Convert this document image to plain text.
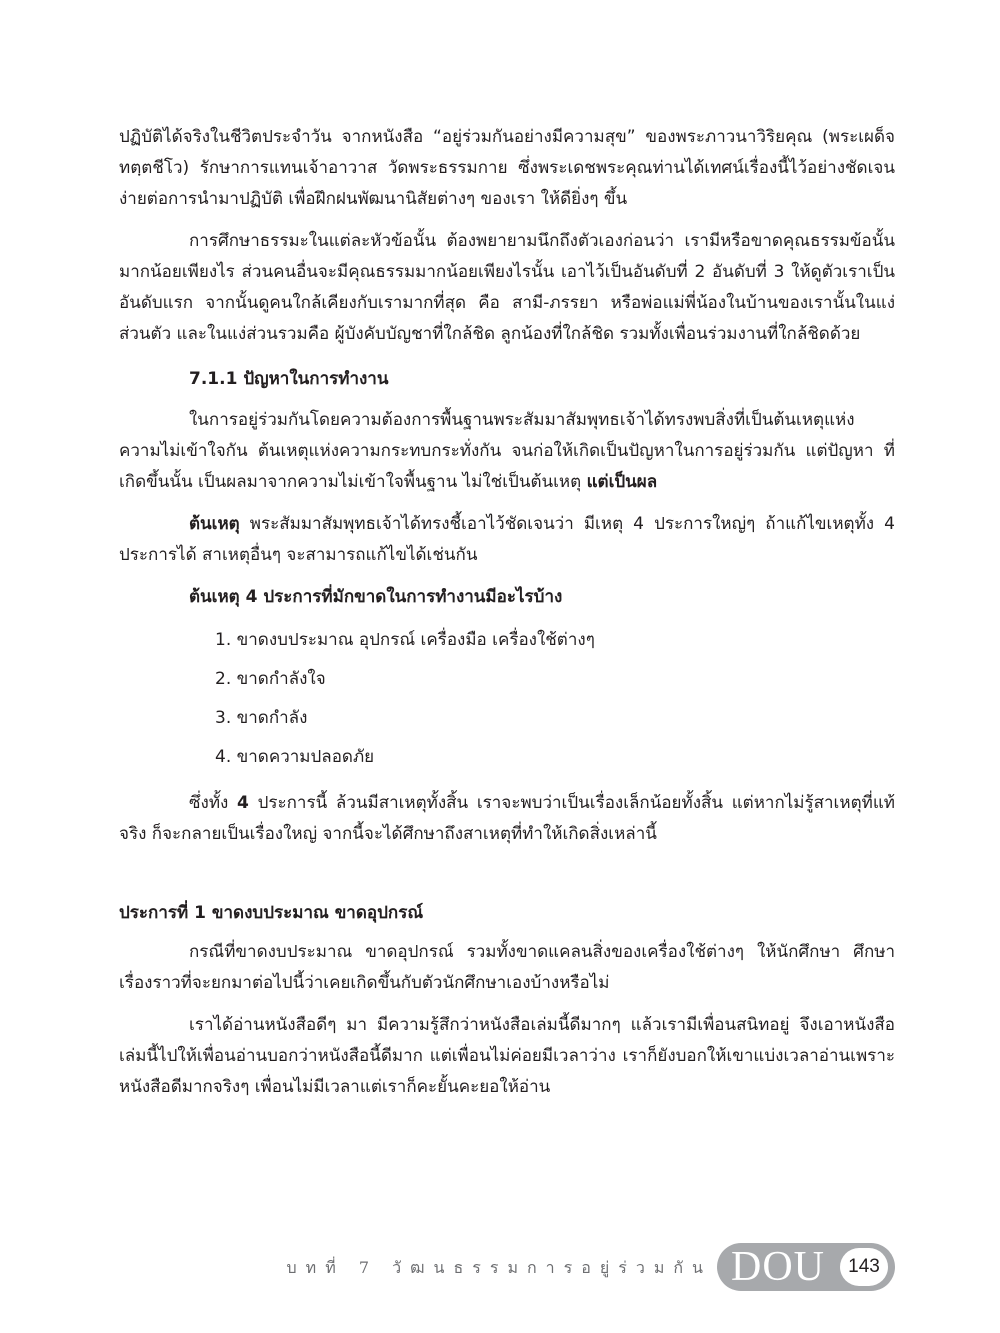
ปฏิบัติได้จริงในชีวิตประจำวัน จากหนังสือ “อยู่ร่วมกันอย่างมีความสุข” ของพระภาวนาวิริยคุณ (พระเผด็จ ทตฺตชีโว) รักษาการแทนเจ้าอาวาส วัดพระธรรมกาย ซึ่งพระเดชพระคุณท่านได้เทศน์เรื่องนี้ไว้อย่างชัดเจน ง่ายต่อการนำมาปฏิบัติ เพื่อฝึกฝนพัฒนานิสัยต่างๆ ของเรา ให้ดียิ่งๆ ขึ้น

การศึกษาธรรมะในแต่ละหัวข้อนั้น ต้องพยายามนึกถึงตัวเองก่อนว่า เรามีหรือขาดคุณธรรมข้อนั้นมากน้อยเพียงไร ส่วนคนอื่นจะมีคุณธรรมมากน้อยเพียงไรนั้น เอาไว้เป็นอันดับที่ 2 อันดับที่ 3 ให้ดูตัวเราเป็นอันดับแรก จากนั้นดูคนใกล้เคียงกับเรามากที่สุด คือ สามี-ภรรยา หรือพ่อแม่พี่น้องในบ้านของเรานั้นในแง่ส่วนตัว และในแง่ส่วนรวมคือ ผู้บังคับบัญชาที่ใกล้ชิด ลูกน้องที่ใกล้ชิด รวมทั้งเพื่อนร่วมงานที่ใกล้ชิดด้วย

7.1.1 ปัญหาในการทำงาน

ในการอยู่ร่วมกันโดยความต้องการพื้นฐานพระสัมมาสัมพุทธเจ้าได้ทรงพบสิ่งที่เป็นต้นเหตุแห่งความไม่เข้าใจกัน ต้นเหตุแห่งความกระทบกระทั่งกัน จนก่อให้เกิดเป็นปัญหาในการอยู่ร่วมกัน แต่ปัญหา ที่เกิดขึ้นนั้น เป็นผลมาจากความไม่เข้าใจพื้นฐาน ไม่ใช่เป็นต้นเหตุ แต่เป็นผล

ต้นเหตุ พระสัมมาสัมพุทธเจ้าได้ทรงชี้เอาไว้ชัดเจนว่า มีเหตุ 4 ประการใหญ่ๆ ถ้าแก้ไขเหตุทั้ง 4 ประการได้ สาเหตุอื่นๆ จะสามารถแก้ไขได้เช่นกัน

ต้นเหตุ 4 ประการที่มักขาดในการทำงานมีอะไรบ้าง

1. ขาดงบประมาณ อุปกรณ์ เครื่องมือ เครื่องใช้ต่างๆ
2. ขาดกำลังใจ
3. ขาดกำลัง
4. ขาดความปลอดภัย

ซึ่งทั้ง 4 ประการนี้ ล้วนมีสาเหตุทั้งสิ้น เราจะพบว่าเป็นเรื่องเล็กน้อยทั้งสิ้น แต่หากไม่รู้สาเหตุที่แท้จริง ก็จะกลายเป็นเรื่องใหญ่ จากนี้จะได้ศึกษาถึงสาเหตุที่ทำให้เกิดสิ่งเหล่านี้

ประการที่ 1 ขาดงบประมาณ ขาดอุปกรณ์

กรณีที่ขาดงบประมาณ ขาดอุปกรณ์ รวมทั้งขาดแคลนสิ่งของเครื่องใช้ต่างๆ ให้นักศึกษา ศึกษาเรื่องราวที่จะยกมาต่อไปนี้ว่าเคยเกิดขึ้นกับตัวนักศึกษาเองบ้างหรือไม่

เราได้อ่านหนังสือดีๆ มา มีความรู้สึกว่าหนังสือเล่มนี้ดีมากๆ แล้วเรามีเพื่อนสนิทอยู่ จึงเอาหนังสือเล่มนี้ไปให้เพื่อนอ่านบอกว่าหนังสือนี้ดีมาก แต่เพื่อนไม่ค่อยมีเวลาว่าง เราก็ยังบอกให้เขาแบ่งเวลาอ่านเพราะหนังสือดีมากจริงๆ เพื่อนไม่มีเวลาแต่เราก็คะยั้นคะยอให้อ่าน

บทที่ 7 วัฒนธรรมการอยู่ร่วมกัน DOU	143
